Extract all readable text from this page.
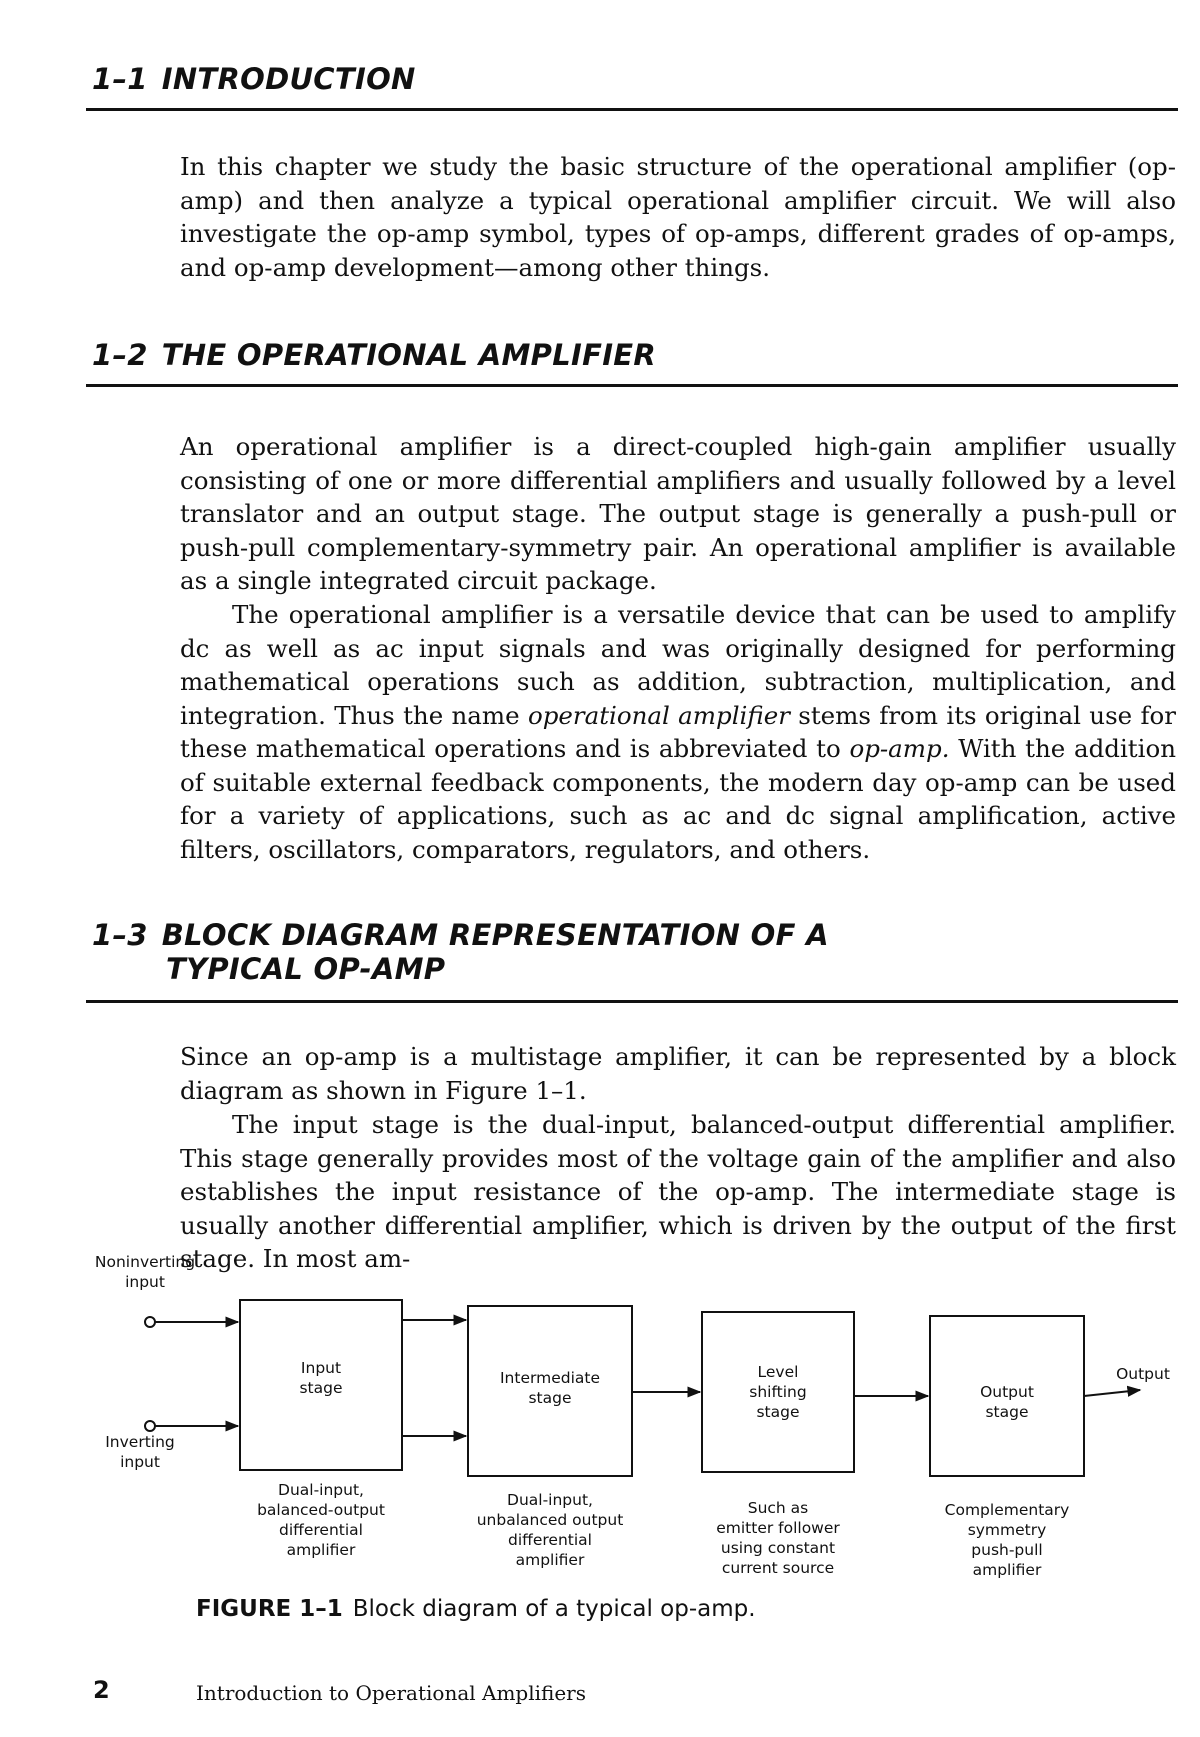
1–1 INTRODUCTION

In this chapter we study the basic structure of the operational amplifier (op-amp) and then analyze a typical operational amplifier circuit. We will also investigate the op-amp symbol, types of op-amps, different grades of op-amps, and op-amp development—among other things.

1–2 THE OPERATIONAL AMPLIFIER

An operational amplifier is a direct-coupled high-gain amplifier usually consisting of one or more differential amplifiers and usually followed by a level translator and an output stage. The output stage is generally a push-pull or push-pull complementary-symmetry pair. An operational amplifier is available as a single integrated circuit package.

The operational amplifier is a versatile device that can be used to amplify dc as well as ac input signals and was originally designed for performing mathematical operations such as addition, subtraction, multiplication, and integration. Thus the name operational amplifier stems from its original use for these mathematical operations and is abbreviated to op-amp. With the addition of suitable external feedback components, the modern day op-amp can be used for a variety of applications, such as ac and dc signal amplification, active filters, oscillators, comparators, regulators, and others.

1–3 BLOCK DIAGRAM REPRESENTATION OF A
TYPICAL OP-AMP

Since an op-amp is a multistage amplifier, it can be represented by a block diagram as shown in Figure 1–1.

The input stage is the dual-input, balanced-output differential amplifier. This stage generally provides most of the voltage gain of the amplifier and also establishes the input resistance of the op-amp. The intermediate stage is usually another differential amplifier, which is driven by the output of the first stage. In most am-

Noninverting
input
Inverting
input
Output
Input
stage
Intermediate
stage
Level
shifting
stage
Output
stage
Dual-input,
balanced-output
differential
amplifier
Dual-input,
unbalanced output
differential
amplifier
Such as
emitter follower
using constant
current source
Complementary
symmetry
push-pull
amplifier

FIGURE 1–1 Block diagram of a typical op-amp.

2	Introduction to Operational Amplifiers
